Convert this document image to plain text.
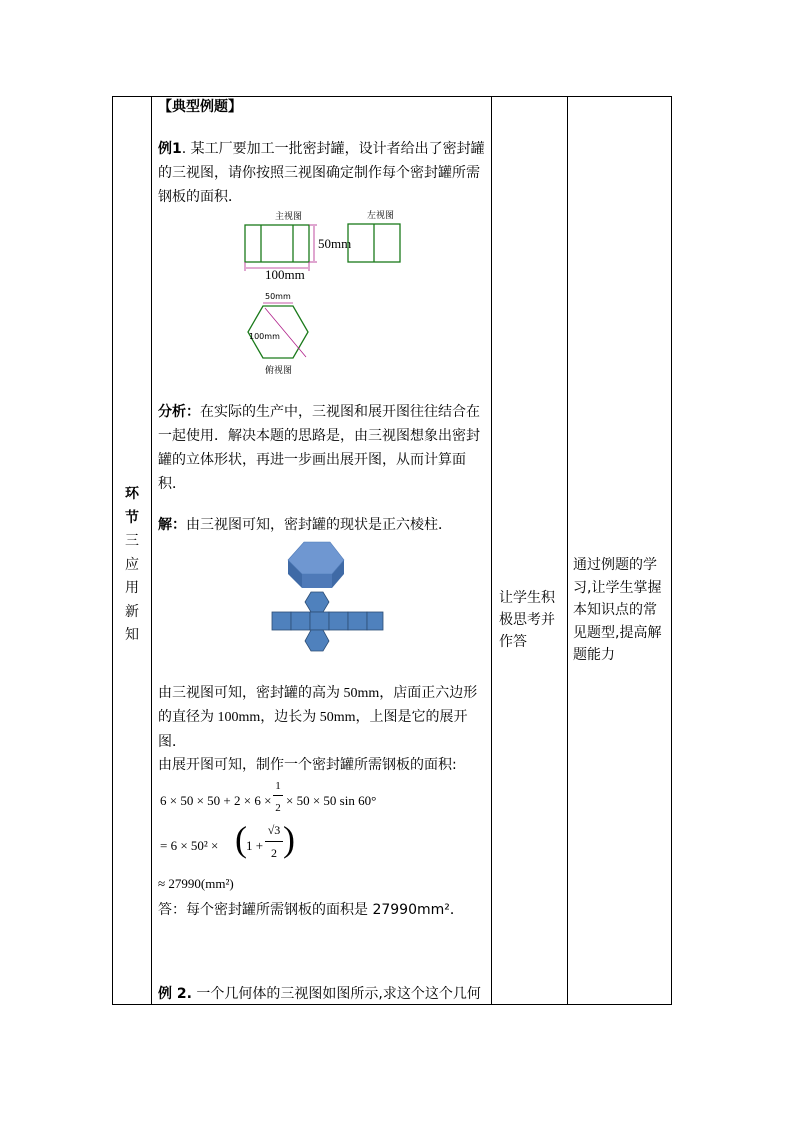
环
节
三
应
用
新
知
【典型例题】
例1. 某工厂要加工一批密封罐，设计者给出了密封罐
的三视图，请你按照三视图确定制作每个密封罐所需
钢板的面积．
主视图	左视图
50mm
100mm
50mm
100mm
俯视图
分析：在实际的生产中，三视图和展开图往往结合在
一起使用．解决本题的思路是，由三视图想象出密封
罐的立体形状，再进一步画出展开图，从而计算面
积．
解：由三视图可知，密封罐的现状是正六棱柱．
由三视图可知，密封罐的高为 50mm，店面正六边形
的直径为 100mm，边长为 50mm，上图是它的展开
图．
由展开图可知，制作一个密封罐所需钢板的面积:
6 × 50 × 50 + 2 × 6 ×
1
2 × 50 × 50 sin 60°
= 6 × 50² × ( 1 +
√3
2 )
≈ 27990(mm²)
答：每个密封罐所需钢板的面积是 27990mm²．
例 2. 一个几何体的三视图如图所示,求这个这个几何
让学生积
极思考并
作答
通过例题的学
习,让学生掌握
本知识点的常
见题型,提高解
题能力
